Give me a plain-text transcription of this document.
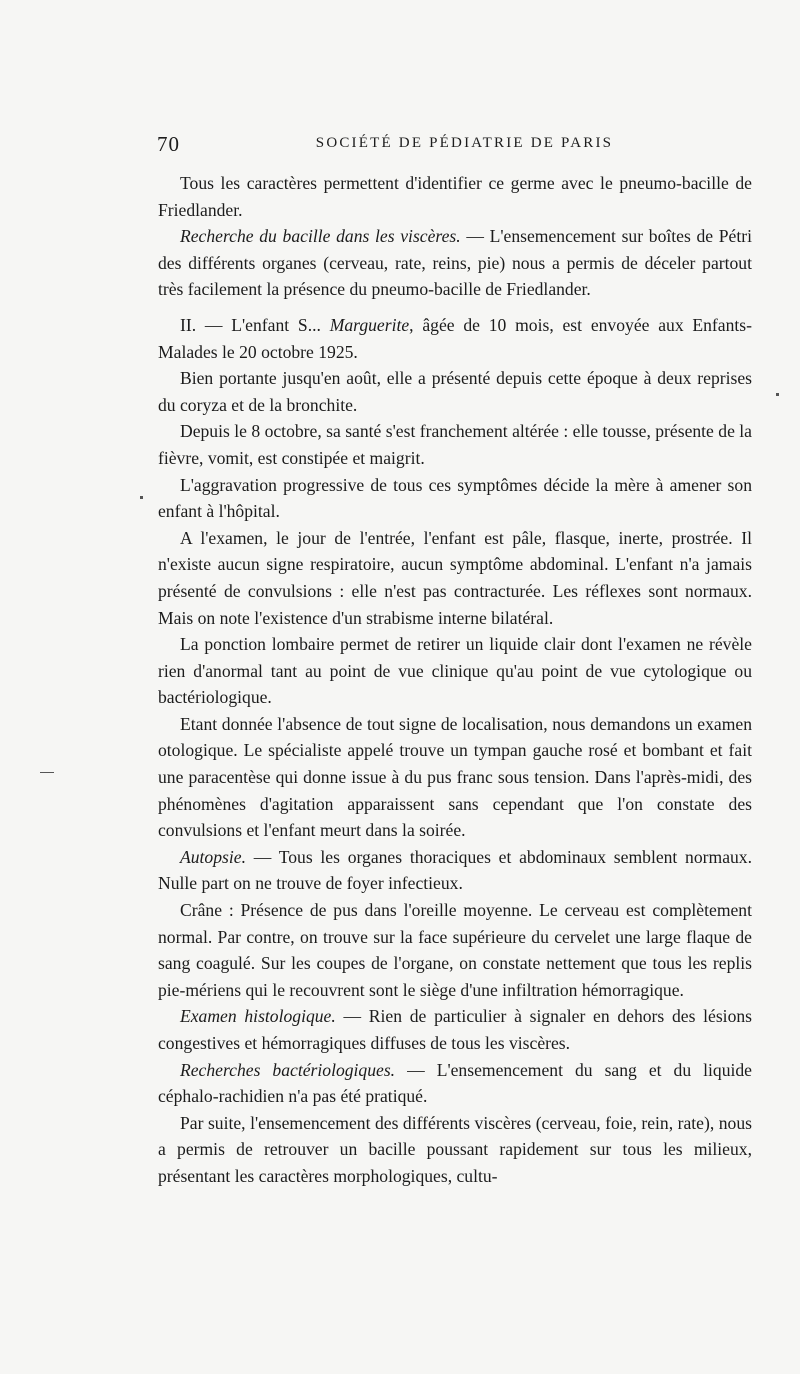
70	SOCIÉTÉ DE PÉDIATRIE DE PARIS

Tous les caractères permettent d'identifier ce germe avec le pneumo-bacille de Friedlander.

Recherche du bacille dans les viscères. — L'ensemencement sur boîtes de Pétri des différents organes (cerveau, rate, reins, pie) nous a permis de déceler partout très facilement la présence du pneumo-bacille de Friedlander.

II. — L'enfant S... Marguerite, âgée de 10 mois, est envoyée aux Enfants-Malades le 20 octobre 1925.

Bien portante jusqu'en août, elle a présenté depuis cette époque à deux reprises du coryza et de la bronchite.

Depuis le 8 octobre, sa santé s'est franchement altérée : elle tousse, présente de la fièvre, vomit, est constipée et maigrit.

L'aggravation progressive de tous ces symptômes décide la mère à amener son enfant à l'hôpital.

A l'examen, le jour de l'entrée, l'enfant est pâle, flasque, inerte, prostrée. Il n'existe aucun signe respiratoire, aucun symptôme abdominal. L'enfant n'a jamais présenté de convulsions : elle n'est pas contracturée. Les réflexes sont normaux. Mais on note l'existence d'un strabisme interne bilatéral.

La ponction lombaire permet de retirer un liquide clair dont l'examen ne révèle rien d'anormal tant au point de vue clinique qu'au point de vue cytologique ou bactériologique.

Etant donnée l'absence de tout signe de localisation, nous demandons un examen otologique. Le spécialiste appelé trouve un tympan gauche rosé et bombant et fait une paracentèse qui donne issue à du pus franc sous tension. Dans l'après-midi, des phénomènes d'agitation apparaissent sans cependant que l'on constate des convulsions et l'enfant meurt dans la soirée.

Autopsie. — Tous les organes thoraciques et abdominaux semblent normaux. Nulle part on ne trouve de foyer infectieux.

Crâne : Présence de pus dans l'oreille moyenne. Le cerveau est complètement normal. Par contre, on trouve sur la face supérieure du cervelet une large flaque de sang coagulé. Sur les coupes de l'organe, on constate nettement que tous les replis pie-mériens qui le recouvrent sont le siège d'une infiltration hémorragique.

Examen histologique. — Rien de particulier à signaler en dehors des lésions congestives et hémorragiques diffuses de tous les viscères.

Recherches bactériologiques. — L'ensemencement du sang et du liquide céphalo-rachidien n'a pas été pratiqué.

Par suite, l'ensemencement des différents viscères (cerveau, foie, rein, rate), nous a permis de retrouver un bacille poussant rapidement sur tous les milieux, présentant les caractères morphologiques, cultu-
